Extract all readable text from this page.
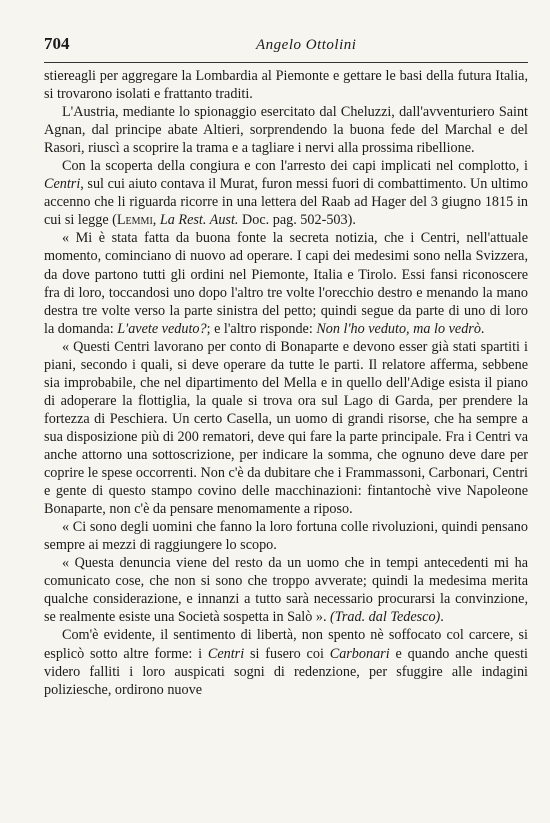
704	Angelo Ottolini

stiereagli per aggregare la Lombardia al Piemonte e gettare le basi della futura Italia, si trovarono isolati e frattanto traditi.

L'Austria, mediante lo spionaggio esercitato dal Cheluzzi, dall'avventuriero Saint Agnan, dal principe abate Altieri, sorprendendo la buona fede del Marchal e del Rasori, riuscì a scoprire la trama e a tagliare i nervi alla prossima ribellione.

Con la scoperta della congiura e con l'arresto dei capi implicati nel complotto, i Centri, sul cui aiuto contava il Murat, furon messi fuori di combattimento. Un ultimo accenno che li riguarda ricorre in una lettera del Raab ad Hager del 3 giugno 1815 in cui si legge (Lemmi, La Rest. Aust. Doc. pag. 502-503).

« Mi è stata fatta da buona fonte la secreta notizia, che i Centri, nell'attuale momento, cominciano di nuovo ad operare. I capi dei medesimi sono nella Svizzera, da dove partono tutti gli ordini nel Piemonte, Italia e Tirolo. Essi fansi riconoscere fra di loro, toccandosi uno dopo l'altro tre volte l'orecchio destro e menando la mano destra tre volte verso la parte sinistra del petto; quindi segue da parte di uno di loro la domanda: L'avete veduto?; e l'altro risponde: Non l'ho veduto, ma lo vedrò.

« Questi Centri lavorano per conto di Bonaparte e devono esser già stati spartiti i piani, secondo i quali, si deve operare da tutte le parti. Il relatore afferma, sebbene sia improbabile, che nel dipartimento del Mella e in quello dell'Adige esista il piano di adoperare la flottiglia, la quale si trova ora sul Lago di Garda, per prendere la fortezza di Peschiera. Un certo Casella, un uomo di grandi risorse, che ha sempre a sua disposizione più di 200 rematori, deve qui fare la parte principale. Fra i Centri va anche attorno una sottoscrizione, per indicare la somma, che ognuno deve dare per coprire le spese occorrenti. Non c'è da dubitare che i Frammassoni, Carbonari, Centri e gente di questo stampo covino delle macchinazioni: fintantochè vive Napoleone Bonaparte, non c'è da pensare menomamente a riposo.

« Ci sono degli uomini che fanno la loro fortuna colle rivoluzioni, quindi pensano sempre ai mezzi di raggiungere lo scopo.

« Questa denuncia viene del resto da un uomo che in tempi antecedenti mi ha comunicato cose, che non si sono che troppo avverate; quindi la medesima merita qualche considerazione, e innanzi a tutto sarà necessario procurarsi la convinzione, se realmente esiste una Società sospetta in Salò ». (Trad. dal Tedesco).

Com'è evidente, il sentimento di libertà, non spento nè soffocato col carcere, si esplicò sotto altre forme: i Centri si fusero coi Carbonari e quando anche questi videro falliti i loro auspicati sogni di redenzione, per sfuggire alle indagini poliziesche, ordirono nuove
